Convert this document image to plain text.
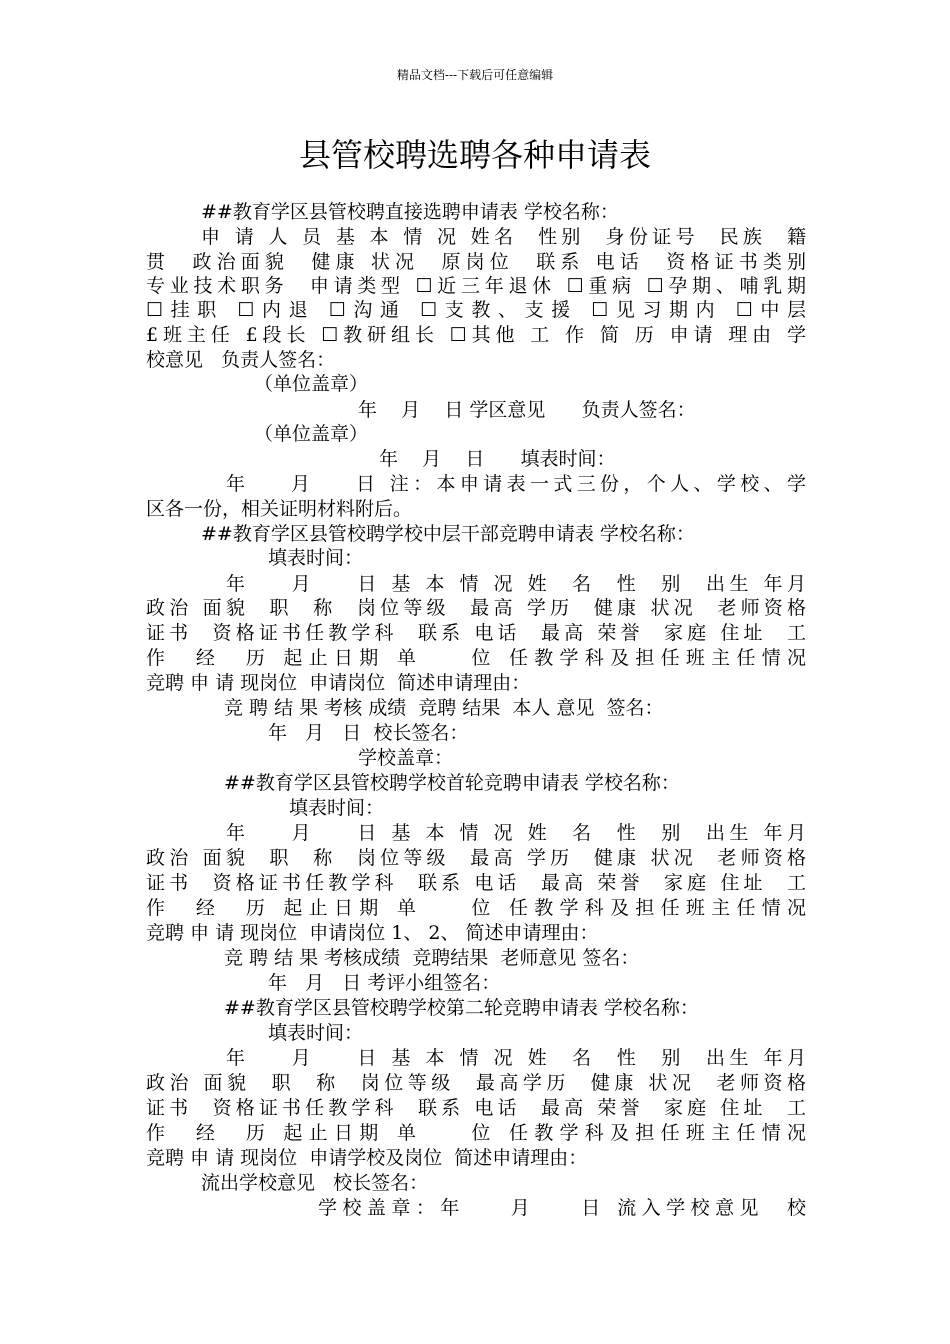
精品文档---下载后可任意编辑
县管校聘选聘各种申请表
##教育学区县管校聘直接选聘申请表 学校名称：
申 请 人 员 基 本 情 况 姓名  性别  身份证号  民族  籍
贯  政治面貌  健康 状况  原岗位  联系 电话  资格证书类别
专业技术职务  申请类型 ☐近三年退休 ☐重病 ☐孕期、哺乳期
☐挂职 ☐内退 ☐沟通 ☐支教、支援 ☐见习期内 ☐中层
£班主任 £段长 ☐教研组长 ☐其他 工 作 简 历 申请 理由 学
校意见   负责人签名：
（单位盖章）
年    月    日 学区意见      负责人签名：
（单位盖章）
年    月    日      填表时间：
年    月    日 注：本申请表一式三份，个人、学校、学
区各一份，相关证明材料附后。
##教育学区县管校聘学校中层干部竞聘申请表 学校名称：
填表时间：
年    月    日 基 本 情 况 姓  名  性  别  出生 年月
政治 面貌  职  称  岗位等级  最高 学历  健康 状况  老师资格
证书  资格证书任教学科  联系 电话  最高 荣誉  家庭 住址  工
作  经  历 起止日期 单    位 任教学科及担任班主任情况
竞聘 申 请 现岗位  申请岗位  简述申请理由：
竞 聘 结 果 考核 成绩  竞聘 结果  本人 意见  签名：
年   月   日  校长签名：
学校盖章：
##教育学区县管校聘学校首轮竞聘申请表 学校名称：
填表时间：
年    月    日 基 本 情 况 姓  名  性  别  出生 年月
政治 面貌  职  称  岗位等级  最高 学历  健康 状况  老师资格
证书  资格证书任教学科  联系 电话  最高 荣誉  家庭 住址  工
作  经  历 起止日期 单    位 任教学科及担任班主任情况
竞聘 申 请 现岗位  申请岗位 1、 2、 简述申请理由：
竞 聘 结 果 考核成绩  竞聘结果  老师意见 签名：
年   月   日 考评小组签名：
##教育学区县管校聘学校第二轮竞聘申请表 学校名称：
填表时间：
年    月    日 基 本 情 况 姓  名  性  别  出生 年月
政治 面貌  职  称  岗位等级  最高学历  健康 状况  老师资格
证书  资格证书任教学科  联系 电话  最高 荣誉  家庭 住址  工
作  经  历 起止日期 单    位 任教学科及担任班主任情况
竞聘 申 请 现岗位  申请学校及岗位  简述申请理由：
流出学校意见   校长签名：
学校盖章：年    月    日 流入学校意见  校
